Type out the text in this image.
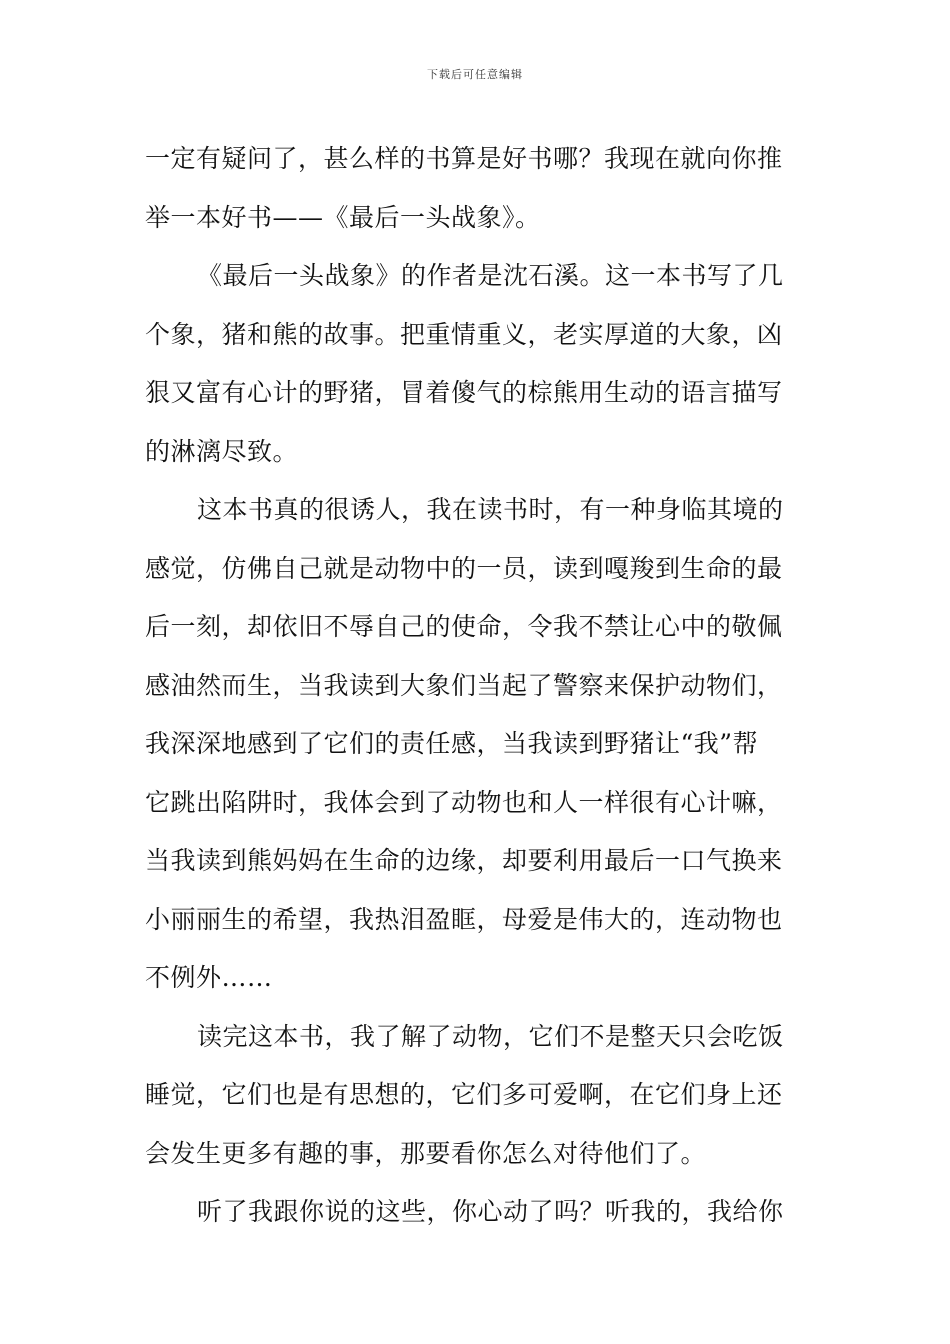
下载后可任意编辑
一定有疑问了，甚么样的书算是好书哪？我现在就向你推
举一本好书——《最后一头战象》。
《最后一头战象》的作者是沈石溪。这一本书写了几
个象，猪和熊的故事。把重情重义，老实厚道的大象，凶
狠又富有心计的野猪，冒着傻气的棕熊用生动的语言描写
的淋漓尽致。
这本书真的很诱人，我在读书时，有一种身临其境的
感觉，仿佛自己就是动物中的一员，读到嘎羧到生命的最
后一刻，却依旧不辱自己的使命，令我不禁让心中的敬佩
感油然而生，当我读到大象们当起了警察来保护动物们，
我深深地感到了它们的责任感，当我读到野猪让“我”帮
它跳出陷阱时，我体会到了动物也和人一样很有心计嘛，
当我读到熊妈妈在生命的边缘，却要利用最后一口气换来
小丽丽生的希望，我热泪盈眶，母爱是伟大的，连动物也
不例外……
读完这本书，我了解了动物，它们不是整天只会吃饭
睡觉，它们也是有思想的，它们多可爱啊，在它们身上还
会发生更多有趣的事，那要看你怎么对待他们了。
听了我跟你说的这些，你心动了吗？听我的，我给你
